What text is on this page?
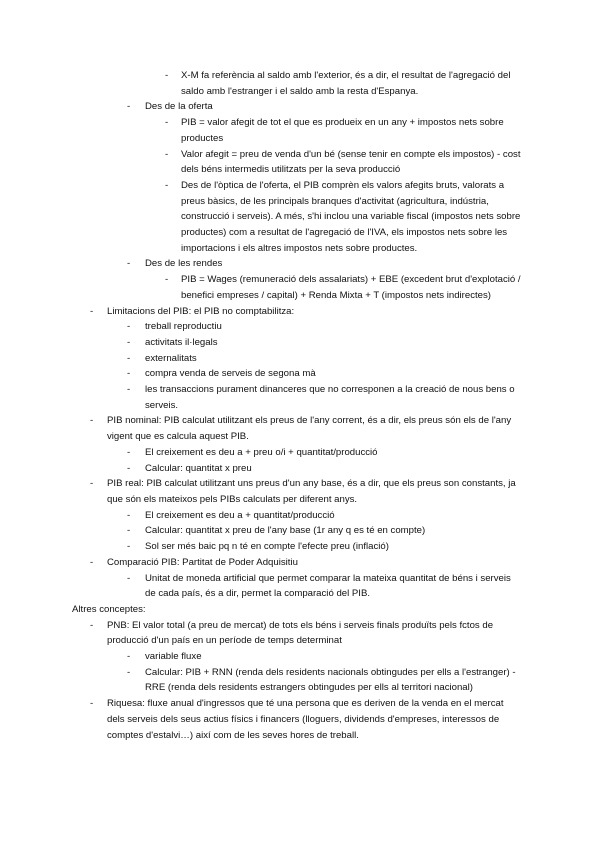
- X-M fa referència al saldo amb l'exterior, és a dir, el resultat de l'agregació del saldo amb l'estranger i el saldo amb la resta d'Espanya.

- Des de la oferta

- PIB = valor afegit de tot el que es produeix en un any + impostos nets sobre productes

- Valor afegit = preu de venda d'un bé (sense tenir en compte els impostos) - cost dels béns intermedis utilitzats per la seva producció

- Des de l'òptica de l'oferta, el PIB comprèn els valors afegits bruts, valorats a preus bàsics, de les principals branques d'activitat (agricultura, indústria, construcció i serveis). A més, s'hi inclou una variable fiscal (impostos nets sobre productes) com a resultat de l'agregació de l'IVA, els impostos nets sobre les importacions i els altres impostos nets sobre productes.

- Des de les rendes

- PIB = Wages (remuneració dels assalariats) + EBE (excedent brut d'explotació / benefici empreses / capital) + Renda Mixta + T (impostos nets indirectes)

- Limitacions del PIB: el PIB no comptabilitza:

- treball reproductiu

- activitats il·legals

- externalitats

- compra venda de serveis de segona mà

- les transaccions purament dinanceres que no corresponen a la creació de nous bens o serveis.

- PIB nominal: PIB calculat utilitzant els preus de l'any corrent, és a dir, els preus són els de l'any vigent que es calcula aquest PIB.

- El creixement es deu a + preu o/i + quantitat/producció

- Calcular: quantitat x preu

- PIB real: PIB calculat utilitzant uns preus d'un any base, és a dir, que els preus son constants, ja que són els mateixos pels PIBs calculats per diferent anys.

- El creixement es deu a + quantitat/producció

- Calcular: quantitat x preu de l'any base (1r any q es té en compte)

- Sol ser més baic pq n té en compte l'efecte preu (inflació)

- Comparació PIB: Partitat de Poder Adquisitiu

- Unitat de moneda artificial que permet comparar la mateixa quantitat de béns i serveis de cada país, és a dir, permet la comparació del PIB.

Altres conceptes:

- PNB: El valor total (a preu de mercat) de tots els béns i serveis finals produïts pels fctos de producció d'un país en un període de temps determinat

- variable fluxe

- Calcular: PIB + RNN (renda dels residents nacionals obtingudes per ells a l'estranger) - RRE (renda dels residents estrangers obtingudes per ells al territori nacional)

- Riquesa: fluxe anual d'ingressos que té una persona que es deriven de la venda en el mercat dels serveis dels seus actius físics i financers (lloguers, dividends d'empreses, interessos de comptes d'estalvi…) així com de les seves hores de treball.
